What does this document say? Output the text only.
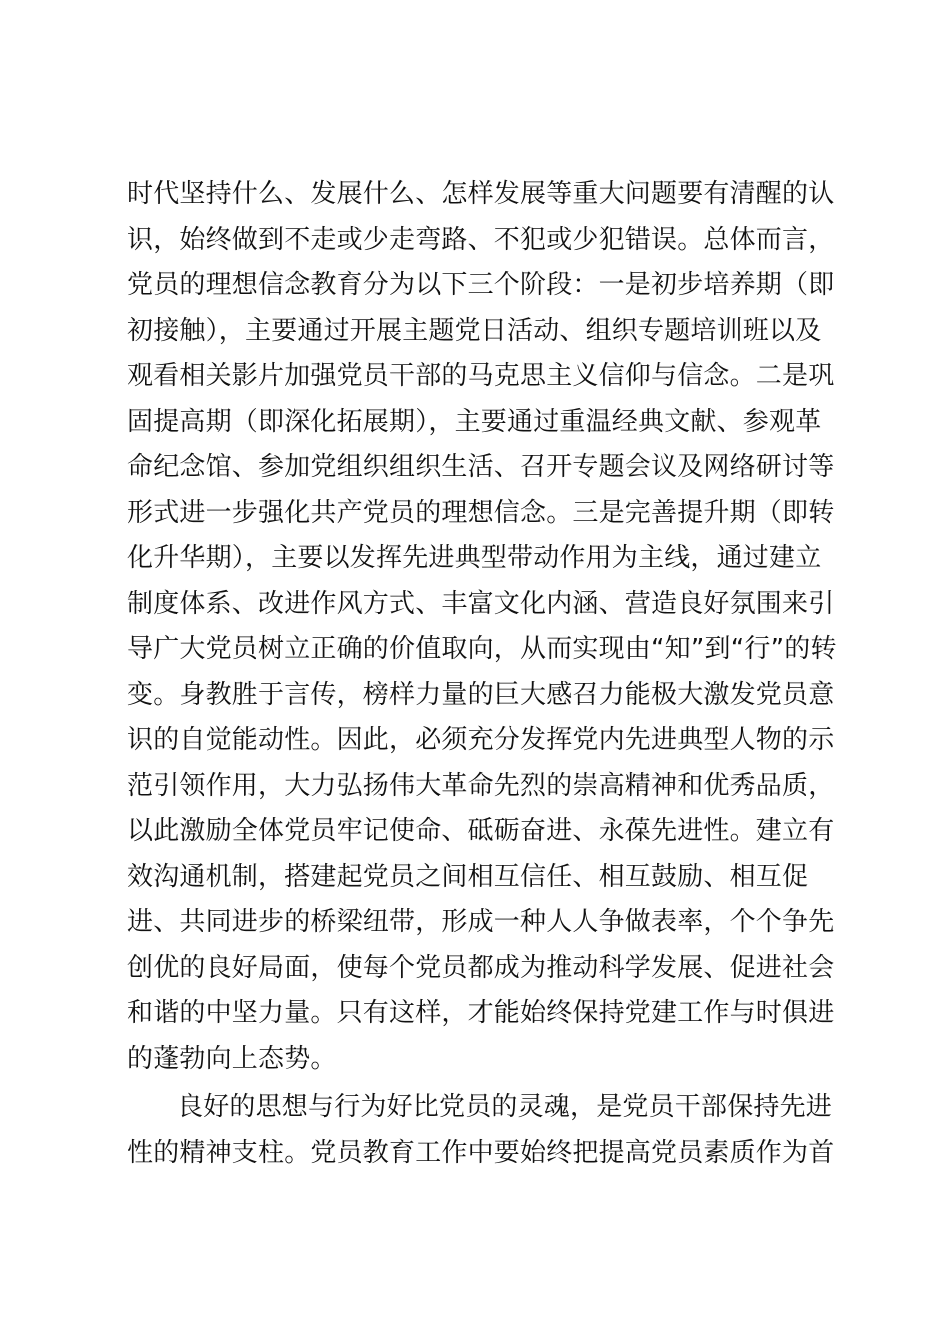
时代坚持什么、发展什么、怎样发展等重大问题要有清醒的认
识，始终做到不走或少走弯路、不犯或少犯错误。总体而言，
党员的理想信念教育分为以下三个阶段：一是初步培养期（即
初接触），主要通过开展主题党日活动、组织专题培训班以及
观看相关影片加强党员干部的马克思主义信仰与信念。二是巩
固提高期（即深化拓展期），主要通过重温经典文献、参观革
命纪念馆、参加党组织组织生活、召开专题会议及网络研讨等
形式进一步强化共产党员的理想信念。三是完善提升期（即转
化升华期），主要以发挥先进典型带动作用为主线，通过建立
制度体系、改进作风方式、丰富文化内涵、营造良好氛围来引
导广大党员树立正确的价值取向，从而实现由“知”到“行”的转
变。身教胜于言传，榜样力量的巨大感召力能极大激发党员意
识的自觉能动性。因此，必须充分发挥党内先进典型人物的示
范引领作用，大力弘扬伟大革命先烈的崇高精神和优秀品质，
以此激励全体党员牢记使命、砥砺奋进、永葆先进性。建立有
效沟通机制，搭建起党员之间相互信任、相互鼓励、相互促
进、共同进步的桥梁纽带，形成一种人人争做表率，个个争先
创优的良好局面，使每个党员都成为推动科学发展、促进社会
和谐的中坚力量。只有这样，才能始终保持党建工作与时俱进
的蓬勃向上态势。
良好的思想与行为好比党员的灵魂，是党员干部保持先进
性的精神支柱。党员教育工作中要始终把提高党员素质作为首
